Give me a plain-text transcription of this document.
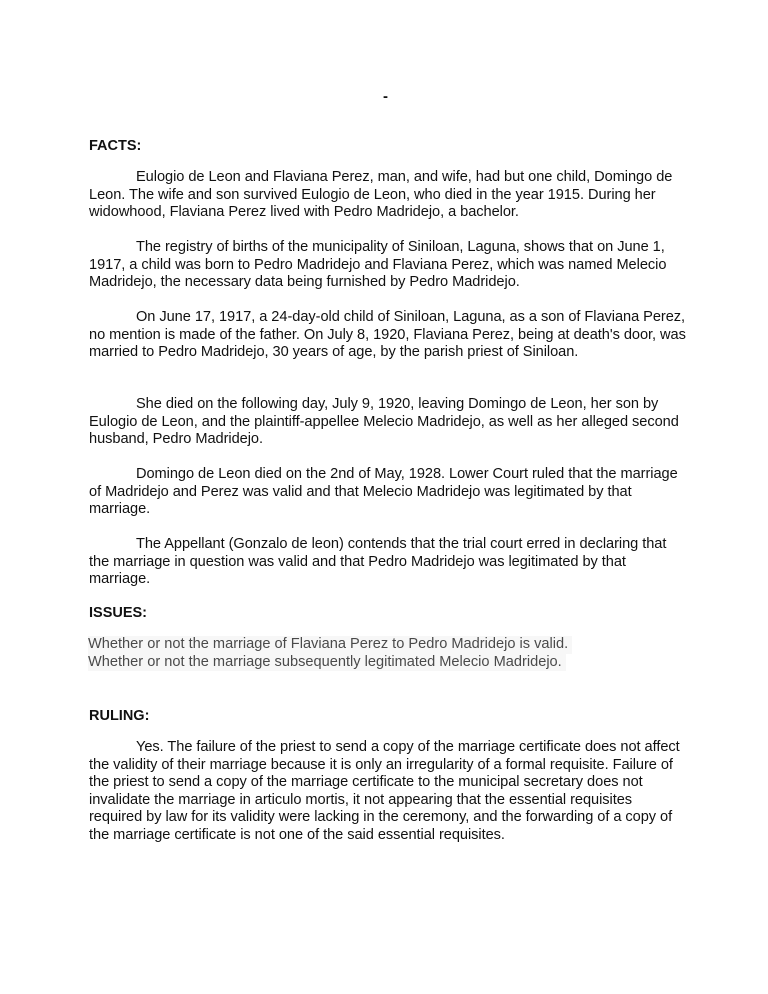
-
FACTS:

Eulogio de Leon and Flaviana Perez, man, and wife, had but one child, Domingo de Leon. The wife and son survived Eulogio de Leon, who died in the year 1915. During her widowhood, Flaviana Perez lived with Pedro Madridejo, a bachelor.

The registry of births of the municipality of Siniloan, Laguna, shows that on June 1, 1917, a child was born to Pedro Madridejo and Flaviana Perez, which was named Melecio Madridejo, the necessary data being furnished by Pedro Madridejo.

On June 17, 1917, a 24-day-old child of Siniloan, Laguna, as a son of Flaviana Perez, no mention is made of the father. On July 8, 1920, Flaviana Perez, being at death's door, was married to Pedro Madridejo, 30 years of age, by the parish priest of Siniloan.

She died on the following day, July 9, 1920, leaving Domingo de Leon, her son by Eulogio de Leon, and the plaintiff-appellee Melecio Madridejo, as well as her alleged second husband, Pedro Madridejo.

Domingo de Leon died on the 2nd of May, 1928. Lower Court ruled that the marriage of Madridejo and Perez was valid and that Melecio Madridejo was legitimated by that marriage.

The Appellant (Gonzalo de leon) contends that the trial court erred in declaring that the marriage in question was valid and that Pedro Madridejo was legitimated by that marriage.

ISSUES:
Whether or not the marriage of Flaviana Perez to Pedro Madridejo is valid.
Whether or not the marriage subsequently legitimated Melecio Madridejo.
RULING:

Yes. The failure of the priest to send a copy of the marriage certificate does not affect the validity of their marriage because it is only an irregularity of a formal requisite. Failure of the priest to send a copy of the marriage certificate to the municipal secretary does not invalidate the marriage in articulo mortis, it not appearing that the essential requisites required by law for its validity were lacking in the ceremony, and the forwarding of a copy of the marriage certificate is not one of the said essential requisites.
